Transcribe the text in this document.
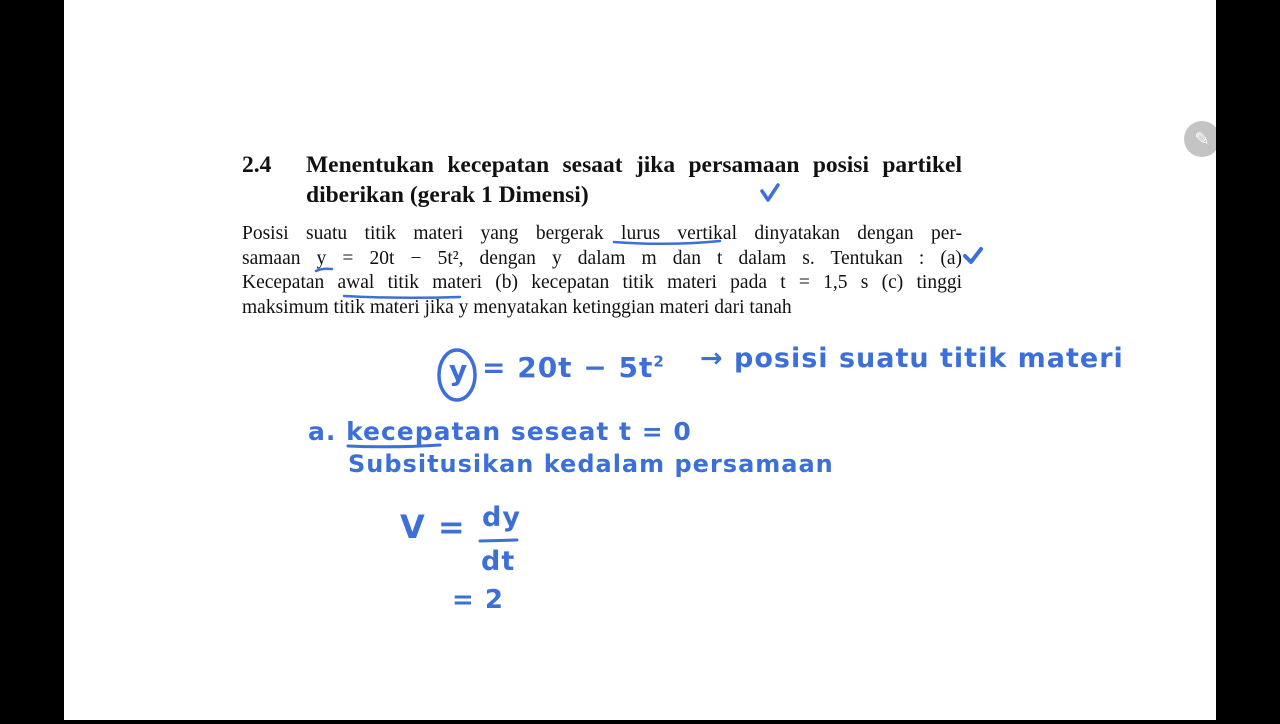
2.4 Menentukan kecepatan sesaat jika persamaan posisi partikel diberikan (gerak 1 Dimensi)
Posisi suatu titik materi yang bergerak lurus vertikal dinyatakan dengan per-
samaan y = 20t − 5t², dengan y dalam m dan t dalam s. Tentukan : (a)
Kecepatan awal titik materi (b) kecepatan titik materi pada t = 1,5 s (c) tinggi
maksimum titik materi jika y menyatakan ketinggian materi dari tanah
$y = 20t - 5t^2$ → posisi suatu titik materi
a. kecepatan seseat t = 0
Subsitusikan kedalam persamaan
V = dy
dt
= 2
✎
